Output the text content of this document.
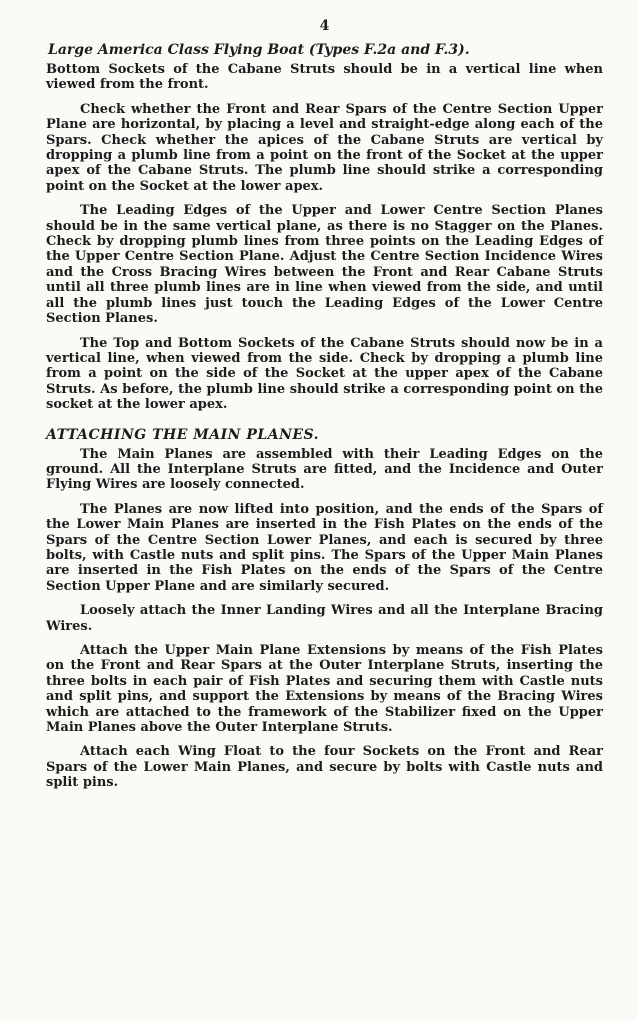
4
Large America Class Flying Boat (Types F.2a and F.3).

Bottom Sockets of the Cabane Struts should be in a vertical line when viewed from the front.

Check whether the Front and Rear Spars of the Centre Section Upper Plane are horizontal, by placing a level and straight-edge along each of the Spars. Check whether the apices of the Cabane Struts are vertical by dropping a plumb line from a point on the front of the Socket at the upper apex of the Cabane Struts. The plumb line should strike a corresponding point on the Socket at the lower apex.

The Leading Edges of the Upper and Lower Centre Section Planes should be in the same vertical plane, as there is no Stagger on the Planes. Check by dropping plumb lines from three points on the Leading Edges of the Upper Centre Section Plane. Adjust the Centre Section Incidence Wires and the Cross Bracing Wires between the Front and Rear Cabane Struts until all three plumb lines are in line when viewed from the side, and until all the plumb lines just touch the Leading Edges of the Lower Centre Section Planes.

The Top and Bottom Sockets of the Cabane Struts should now be in a vertical line, when viewed from the side. Check by dropping a plumb line from a point on the side of the Socket at the upper apex of the Cabane Struts. As before, the plumb line should strike a corresponding point on the socket at the lower apex.

ATTACHING THE MAIN PLANES.

The Main Planes are assembled with their Leading Edges on the ground. All the Interplane Struts are fitted, and the Incidence and Outer Flying Wires are loosely connected.

The Planes are now lifted into position, and the ends of the Spars of the Lower Main Planes are inserted in the Fish Plates on the ends of the Spars of the Centre Section Lower Planes, and each is secured by three bolts, with Castle nuts and split pins. The Spars of the Upper Main Planes are inserted in the Fish Plates on the ends of the Spars of the Centre Section Upper Plane and are similarly secured.

Loosely attach the Inner Landing Wires and all the Interplane Bracing Wires.

Attach the Upper Main Plane Extensions by means of the Fish Plates on the Front and Rear Spars at the Outer Interplane Struts, inserting the three bolts in each pair of Fish Plates and securing them with Castle nuts and split pins, and support the Extensions by means of the Bracing Wires which are attached to the framework of the Stabilizer fixed on the Upper Main Planes above the Outer Interplane Struts.

Attach each Wing Float to the four Sockets on the Front and Rear Spars of the Lower Main Planes, and secure by bolts with Castle nuts and split pins.
